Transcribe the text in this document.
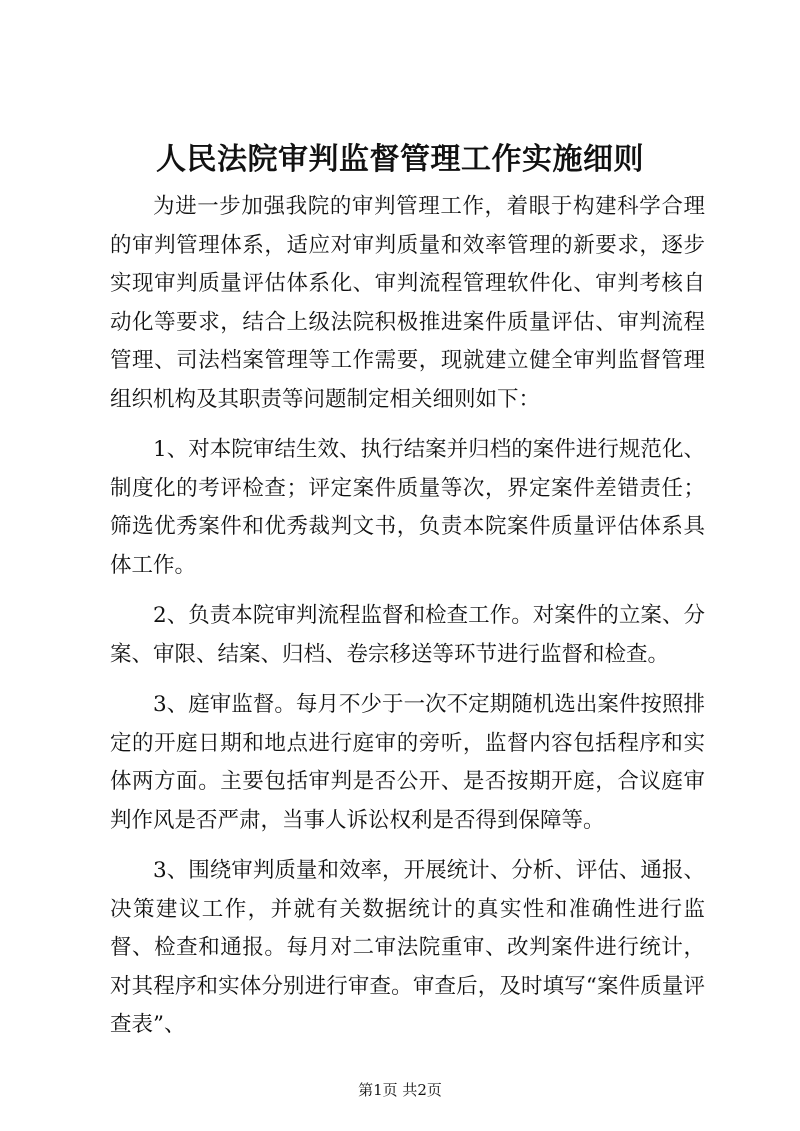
人民法院审判监督管理工作实施细则

为进一步加强我院的审判管理工作，着眼于构建科学合理的审判管理体系，适应对审判质量和效率管理的新要求，逐步实现审判质量评估体系化、审判流程管理软件化、审判考核自动化等要求，结合上级法院积极推进案件质量评估、审判流程管理、司法档案管理等工作需要，现就建立健全审判监督管理组织机构及其职责等问题制定相关细则如下：

1、对本院审结生效、执行结案并归档的案件进行规范化、制度化的考评检查；评定案件质量等次，界定案件差错责任；筛选优秀案件和优秀裁判文书，负责本院案件质量评估体系具体工作。

2、负责本院审判流程监督和检查工作。对案件的立案、分案、审限、结案、归档、卷宗移送等环节进行监督和检查。

3、庭审监督。每月不少于一次不定期随机选出案件按照排定的开庭日期和地点进行庭审的旁听，监督内容包括程序和实体两方面。主要包括审判是否公开、是否按期开庭，合议庭审判作风是否严肃，当事人诉讼权利是否得到保障等。

3、围绕审判质量和效率，开展统计、分析、评估、通报、决策建议工作，并就有关数据统计的真实性和准确性进行监督、检查和通报。每月对二审法院重审、改判案件进行统计，对其程序和实体分别进行审查。审查后，及时填写“案件质量评查表”、

第1页 共2页
